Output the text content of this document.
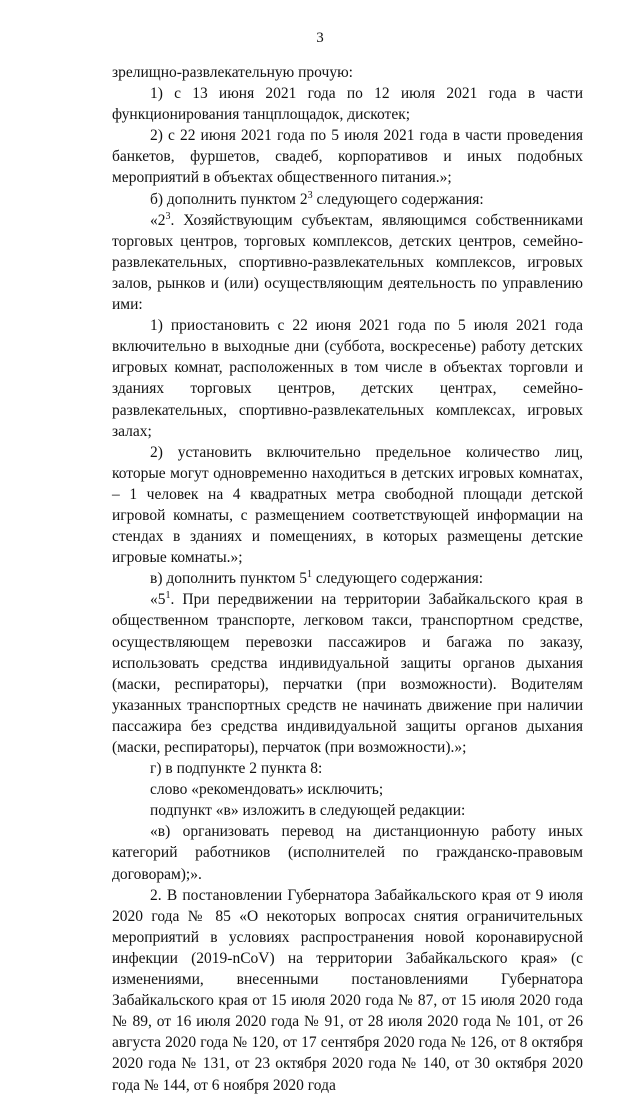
3

зрелищно-развлекательную прочую:

1) с 13 июня 2021 года по 12 июля 2021 года в части функционирования танцплощадок, дискотек;

2) с 22 июня 2021 года по 5 июля 2021 года в части проведения банкетов, фуршетов, свадеб, корпоративов и иных подобных мероприятий в объектах общественного питания.»;

б) дополнить пунктом $2^3$ следующего содержания:

«$2^3$. Хозяйствующим субъектам, являющимся собственниками торговых центров, торговых комплексов, детских центров, семейно-развлекательных, спортивно-развлекательных комплексов, игровых залов, рынков и (или) осуществляющим деятельность по управлению ими:

1) приостановить с 22 июня 2021 года по 5 июля 2021 года включительно в выходные дни (суббота, воскресенье) работу детских игровых комнат, расположенных в том числе в объектах торговли и зданиях торговых центров, детских центрах, семейно-развлекательных, спортивно-развлекательных комплексах, игровых залах;

2) установить включительно предельное количество лиц, которые могут одновременно находиться в детских игровых комнатах, – 1 человек на 4 квадратных метра свободной площади детской игровой комнаты, с размещением соответствующей информации на стендах в зданиях и помещениях, в которых размещены детские игровые комнаты.»;

в) дополнить пунктом $5^1$ следующего содержания:

«$5^1$. При передвижении на территории Забайкальского края в общественном транспорте, легковом такси, транспортном средстве, осуществляющем перевозки пассажиров и багажа по заказу, использовать средства индивидуальной защиты органов дыхания (маски, респираторы), перчатки (при возможности). Водителям указанных транспортных средств не начинать движение при наличии пассажира без средства индивидуальной защиты органов дыхания (маски, респираторы), перчаток (при возможности).»;

г) в подпункте 2 пункта 8:

слово «рекомендовать» исключить;

подпункт «в» изложить в следующей редакции:

«в) организовать перевод на дистанционную работу иных категорий работников (исполнителей по гражданско-правовым договорам);».

2. В постановлении Губернатора Забайкальского края от 9 июля 2020 года № 85 «О некоторых вопросах снятия ограничительных мероприятий в условиях распространения новой коронавирусной инфекции (2019-nCoV) на территории Забайкальского края» (с изменениями, внесенными постановлениями Губернатора Забайкальского края от 15 июля 2020 года № 87, от 15 июля 2020 года № 89, от 16 июля 2020 года № 91, от 28 июля 2020 года № 101, от 26 августа 2020 года № 120, от 17 сентября 2020 года № 126, от 8 октября 2020 года № 131, от 23 октября 2020 года № 140, от 30 октября 2020 года № 144, от 6 ноября 2020 года
